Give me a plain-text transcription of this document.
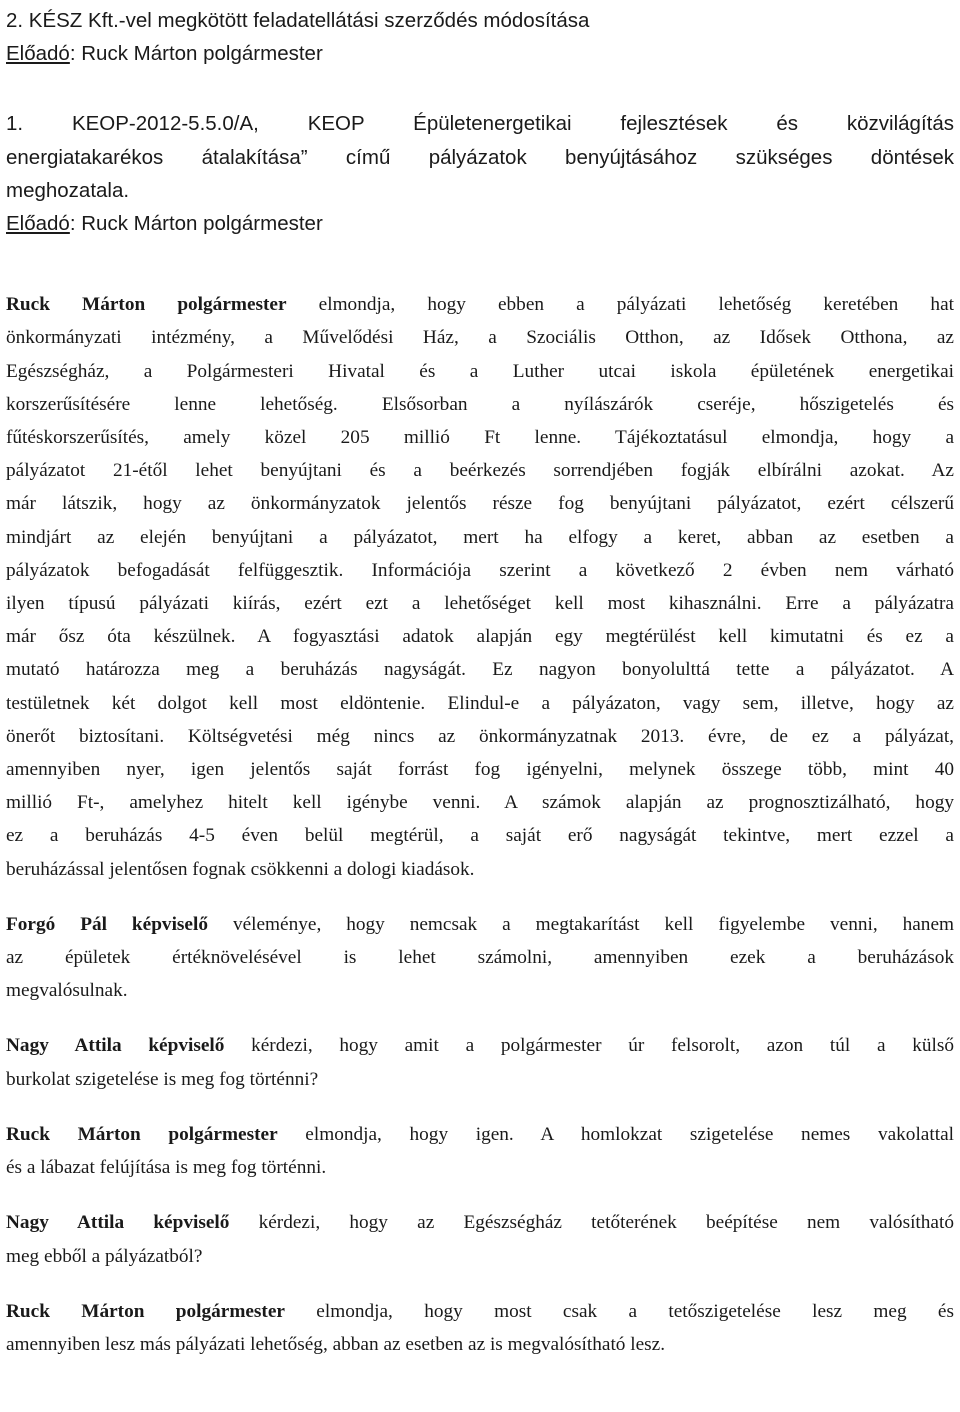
2. KÉSZ Kft.-vel megkötött feladatellátási szerződés módosítása
Előadó: Ruck Márton polgármester
1. KEOP-2012-5.5.0/A, KEOP Épületenergetikai fejlesztések és közvilágítás
energiatakarékos átalakítása” című pályázatok benyújtásához szükséges döntések
meghozatala.
Előadó: Ruck Márton polgármester
Ruck Márton polgármester elmondja, hogy ebben a pályázati lehetőség keretében hat
önkormányzati intézmény, a Művelődési Ház, a Szociális Otthon, az Idősek Otthona, az
Egészségház, a Polgármesteri Hivatal és a Luther utcai iskola épületének energetikai
korszerűsítésére lenne lehetőség. Elsősorban a nyílászárók cseréje, hőszigetelés és
fűtéskorszerűsítés, amely közel 205 millió Ft lenne. Tájékoztatásul elmondja, hogy a
pályázatot 21-étől lehet benyújtani és a beérkezés sorrendjében fogják elbírálni azokat. Az
már látszik, hogy az önkormányzatok jelentős része fog benyújtani pályázatot, ezért célszerű
mindjárt az elején benyújtani a pályázatot, mert ha elfogy a keret, abban az esetben a
pályázatok befogadását felfüggesztik. Információja szerint a következő 2 évben nem várható
ilyen típusú pályázati kiírás, ezért ezt a lehetőséget kell most kihasználni. Erre a pályázatra
már ősz óta készülnek. A fogyasztási adatok alapján egy megtérülést kell kimutatni és ez a
mutató határozza meg a beruházás nagyságát. Ez nagyon bonyolulttá tette a pályázatot. A
testületnek két dolgot kell most eldöntenie. Elindul-e a pályázaton, vagy sem, illetve, hogy az
önerőt biztosítani. Költségvetési még nincs az önkormányzatnak 2013. évre, de ez a pályázat,
amennyiben nyer, igen jelentős saját forrást fog igényelni, melynek összege több, mint 40
millió Ft-, amelyhez hitelt kell igénybe venni. A számok alapján az prognosztizálható, hogy
ez a beruházás 4-5 éven belül megtérül, a saját erő nagyságát tekintve, mert ezzel a
beruházással jelentősen fognak csökkenni a dologi kiadások.
Forgó Pál képviselő véleménye, hogy nemcsak a megtakarítást kell figyelembe venni, hanem
az épületek értéknövelésével is lehet számolni, amennyiben ezek a beruházások
megvalósulnak.
Nagy Attila képviselő kérdezi, hogy amit a polgármester úr felsorolt, azon túl a külső
burkolat szigetelése is meg fog történni?
Ruck Márton polgármester elmondja, hogy igen. A homlokzat szigetelése nemes vakolattal
és a lábazat felújítása is meg fog történni.
Nagy Attila képviselő kérdezi, hogy az Egészségház tetőterének beépítése nem valósítható
meg ebből a pályázatból?
Ruck Márton polgármester elmondja, hogy most csak a tetőszigetelése lesz meg és
amennyiben lesz más pályázati lehetőség, abban az esetben az is megvalósítható lesz.
